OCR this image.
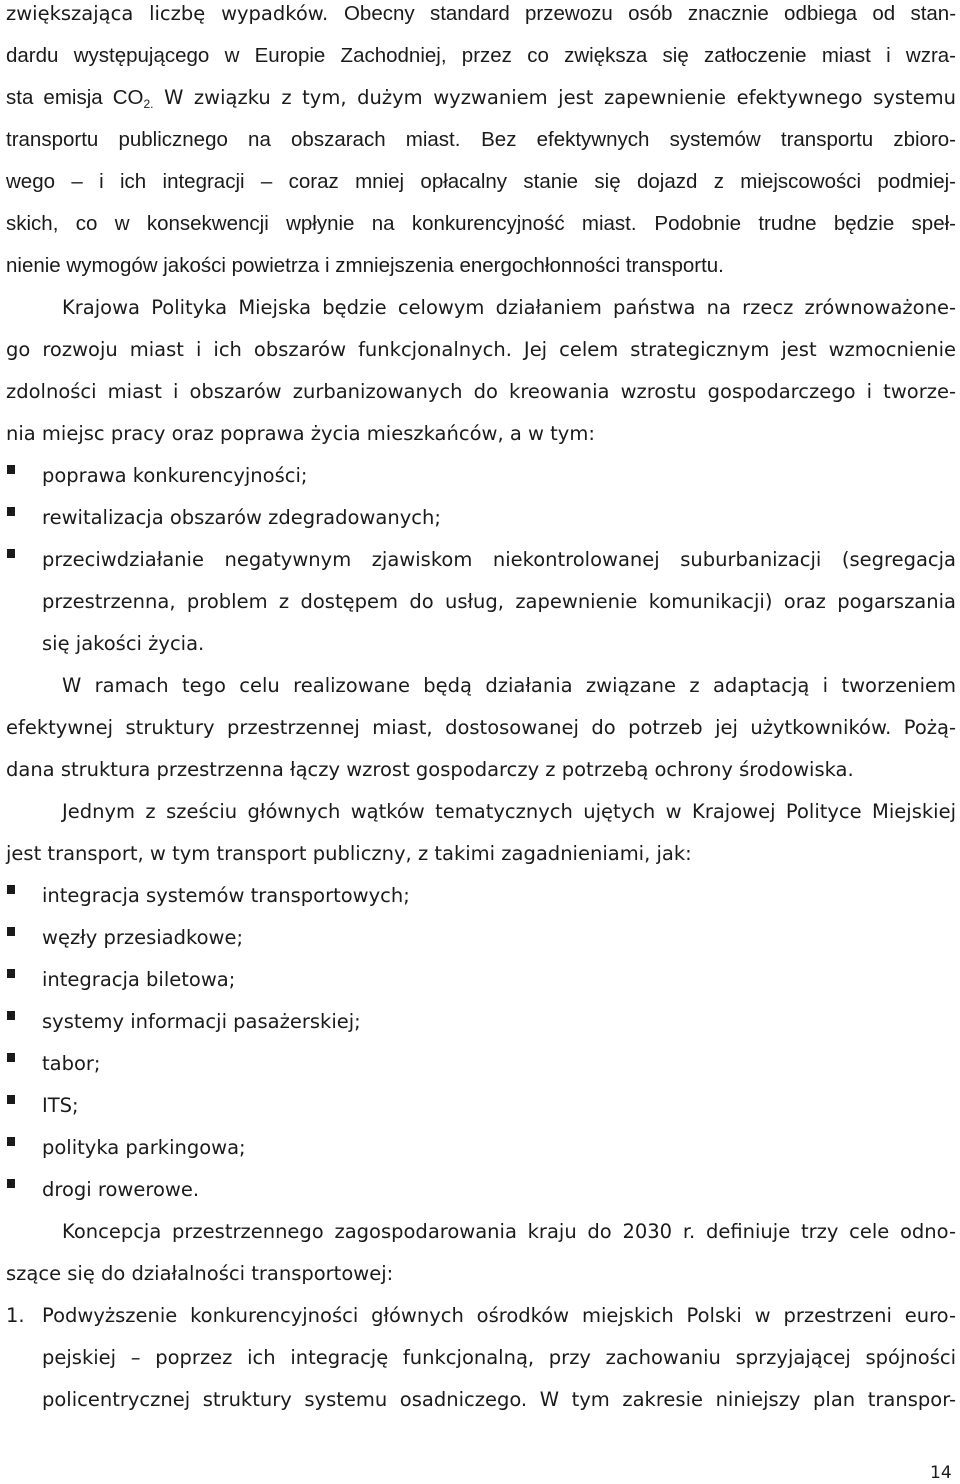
zwiększająca liczbę wypadków. Obecny standard przewozu osób znacznie odbiega od stan-
dardu występującego w Europie Zachodniej, przez co zwiększa się zatłoczenie miast i wzra-
sta emisja $CO_{2.}$ W związku z tym, dużym wyzwaniem jest zapewnienie efektywnego systemu
transportu publicznego na obszarach miast. Bez efektywnych systemów transportu zbioro-
wego – i ich integracji – coraz mniej opłacalny stanie się dojazd z miejscowości podmiej-
skich, co w konsekwencji wpłynie na konkurencyjność miast. Podobnie trudne będzie speł-
nienie wymogów jakości powietrza i zmniejszenia energochłonności transportu.
Krajowa Polityka Miejska będzie celowym działaniem państwa na rzecz zrównoważone-
go rozwoju miast i ich obszarów funkcjonalnych. Jej celem strategicznym jest wzmocnienie
zdolności miast i obszarów zurbanizowanych do kreowania wzrostu gospodarczego i tworze-
nia miejsc pracy oraz poprawa życia mieszkańców, a w tym:
poprawa konkurencyjności;
rewitalizacja obszarów zdegradowanych;
przeciwdziałanie negatywnym zjawiskom niekontrolowanej suburbanizacji (segregacja
przestrzenna, problem z dostępem do usług, zapewnienie komunikacji) oraz pogarszania
się jakości życia.
W ramach tego celu realizowane będą działania związane z adaptacją i tworzeniem
efektywnej struktury przestrzennej miast, dostosowanej do potrzeb jej użytkowników. Pożą-
dana struktura przestrzenna łączy wzrost gospodarczy z potrzebą ochrony środowiska.
Jednym z sześciu głównych wątków tematycznych ujętych w Krajowej Polityce Miejskiej
jest transport, w tym transport publiczny, z takimi zagadnieniami, jak:
integracja systemów transportowych;
węzły przesiadkowe;
integracja biletowa;
systemy informacji pasażerskiej;
tabor;
ITS;
polityka parkingowa;
drogi rowerowe.
Koncepcja przestrzennego zagospodarowania kraju do 2030 r. definiuje trzy cele odno-
szące się do działalności transportowej:
1. Podwyższenie konkurencyjności głównych ośrodków miejskich Polski w przestrzeni euro-
pejskiej – poprzez ich integrację funkcjonalną, przy zachowaniu sprzyjającej spójności
policentrycznej struktury systemu osadniczego. W tym zakresie niniejszy plan transpor-
14
